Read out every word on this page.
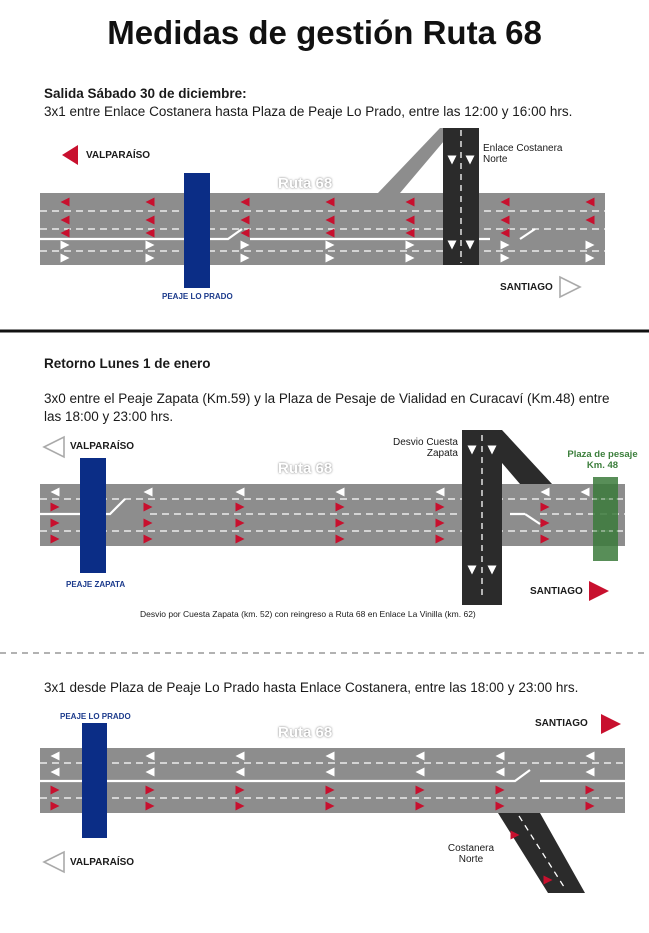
Medidas de gestión Ruta 68
Salida Sábado 30 de diciembre:
3x1 entre Enlace Costanera hasta Plaza de Peaje Lo Prado, entre las 12:00 y 16:00 hrs.
VALPARAÍSO
Ruta 68
Enlace Costanera Norte
PEAJE LO PRADO
SANTIAGO
Retorno Lunes 1 de enero
3x0 entre el Peaje Zapata (Km.59) y la Plaza de Pesaje de Vialidad en Curacaví (Km.48) entre las 18:00 y 23:00 hrs.
VALPARAÍSO
Ruta 68
Desvio Cuesta Zapata	Plaza de pesaje Km. 48
PEAJE ZAPATA
SANTIAGO
Desvio por Cuesta Zapata (km. 52) con reingreso a Ruta 68 en Enlace La Vinilla (km. 62)
3x1 desde Plaza de Peaje Lo Prado hasta Enlace Costanera, entre las 18:00 y 23:00 hrs.
PEAJE LO PRADO
SANTIAGO
Ruta 68
Costanera Norte
VALPARAÍSO
